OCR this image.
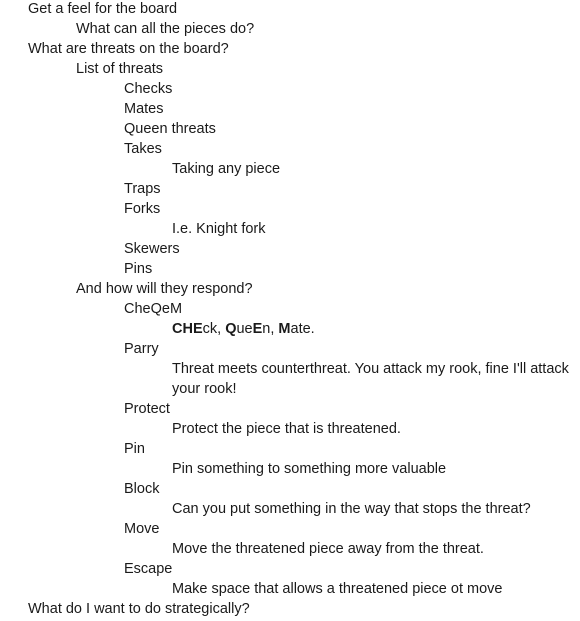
Get a feel for the board
What can all the pieces do?
What are threats on the board?
List of threats
Checks
Mates
Queen threats
Takes
Taking any piece
Traps
Forks
I.e. Knight fork
Skewers
Pins
And how will they respond?
CheQeM
CHEck, QueEn, Mate.
Parry
Threat meets counterthreat. You attack my rook, fine I'll attack
your rook!
Protect
Protect the piece that is threatened.
Pin
Pin something to something more valuable
Block
Can you put something in the way that stops the threat?
Move
Move the threatened piece away from the threat.
Escape
Make space that allows a threatened piece ot move
What do I want to do strategically?
